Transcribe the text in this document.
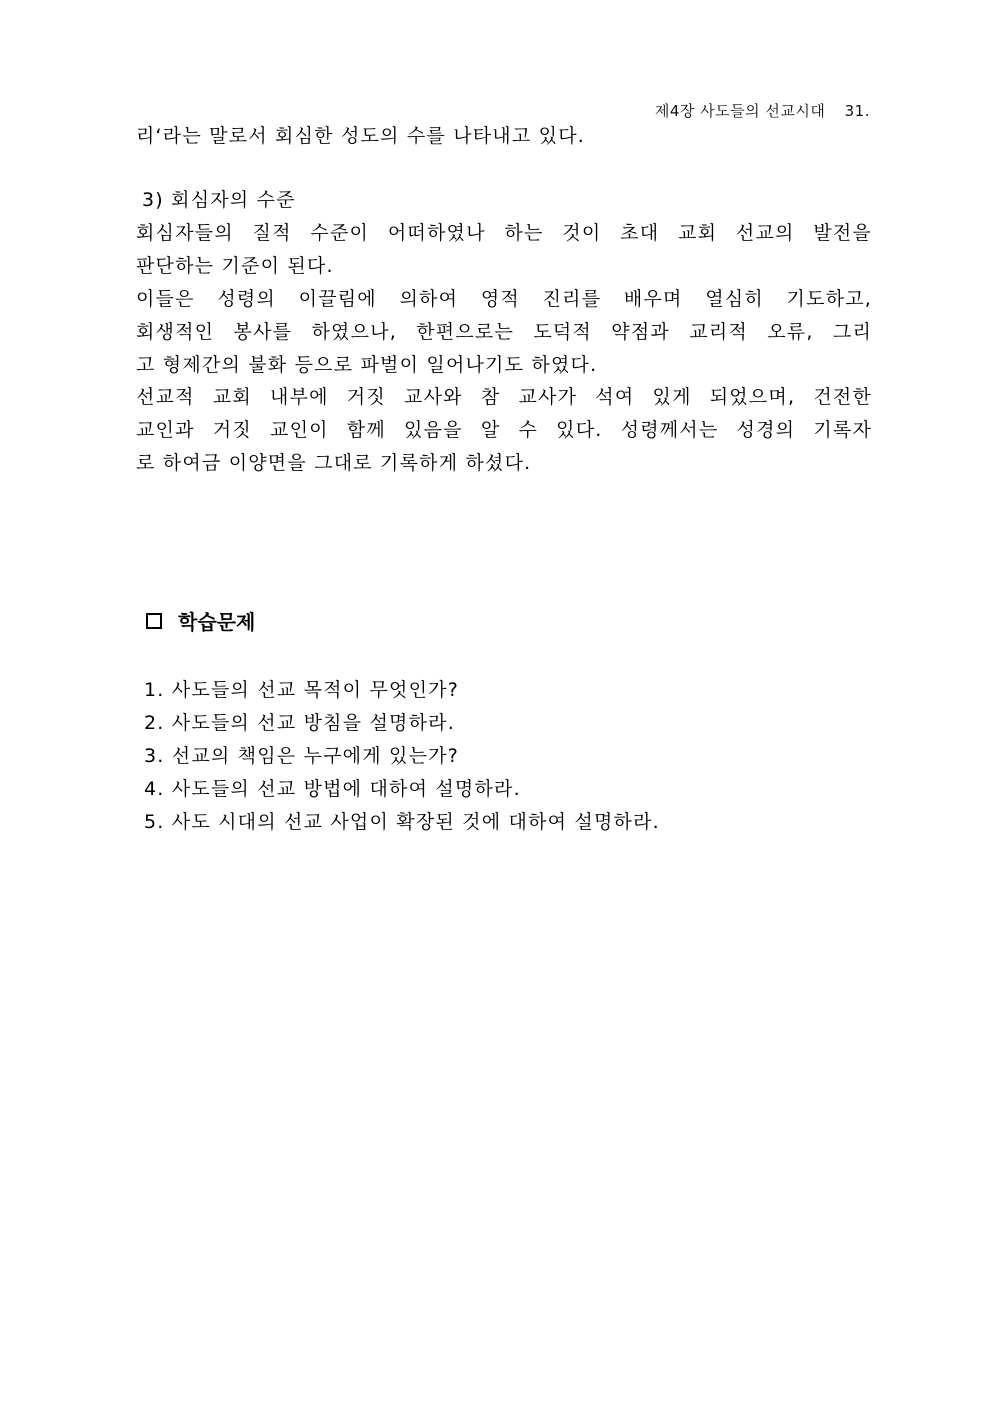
제4장 사도들의 선교시대 31.
리‘라는 말로서 회심한 성도의 수를 나타내고 있다.
3) 회심자의 수준
회심자들의 질적 수준이 어떠하였나 하는 것이 초대 교회 선교의 발전을
판단하는 기준이 된다.
이들은 성령의 이끌림에 의하여 영적 진리를 배우며 열심히 기도하고,
회생적인 봉사를 하였으나, 한편으로는 도덕적 약점과 교리적 오류, 그리
고 형제간의 불화 등으로 파벌이 일어나기도 하였다.
선교적 교회 내부에 거짓 교사와 참 교사가 석여 있게 되었으며, 건전한
교인과 거짓 교인이 함께 있음을 알 수 있다. 성령께서는 성경의 기록자
로 하여금 이양면을 그대로 기록하게 하셨다.
학습문제
1. 사도들의 선교 목적이 무엇인가?
2. 사도들의 선교 방침을 설명하라.
3. 선교의 책임은 누구에게 있는가?
4. 사도들의 선교 방법에 대하여 설명하라.
5. 사도 시대의 선교 사업이 확장된 것에 대하여 설명하라.
